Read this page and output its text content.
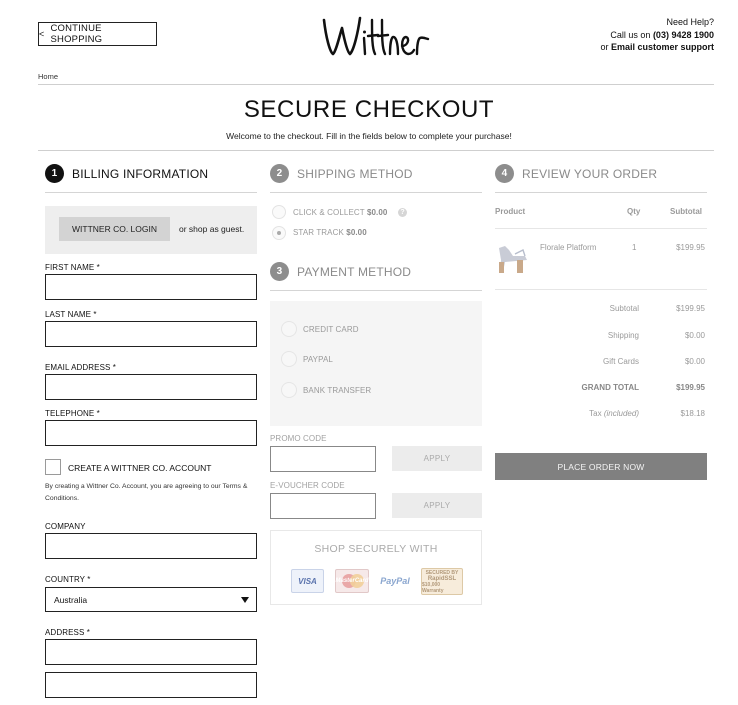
< CONTINUE SHOPPING
Need Help?
Call us on (03) 9428 1900
or Email customer support
Home
SECURE CHECKOUT
Welcome to the checkout. Fill in the fields below to complete your purchase!
1	BILLING INFORMATION
WITTNER CO. LOGIN	or shop as guest.
FIRST NAME *
LAST NAME *
EMAIL ADDRESS *
TELEPHONE *
CREATE A WITTNER CO. ACCOUNT
By creating a Wittner Co. Account, you are agreeing to our Terms & Conditions.
COMPANY
COUNTRY *
Australia
ADDRESS *
2	SHIPPING METHOD
CLICK & COLLECT $0.00	?
STAR TRACK $0.00
3	PAYMENT METHOD
CREDIT CARD
PAYPAL
BANK TRANSFER
PROMO CODE
APPLY
E-VOUCHER CODE
APPLY
SHOP SECURELY WITH
VISA	MasterCard	PayPal
SECURED BY
RapidSSL
$10,000 Warranty
4	REVIEW YOUR ORDER
Product	Qty	Subtotal
Florale Platform	1	$199.95
Subtotal	$199.95
Shipping	$0.00
Gift Cards	$0.00
GRAND TOTAL	$199.95
Tax (included)	$18.18
PLACE ORDER NOW
